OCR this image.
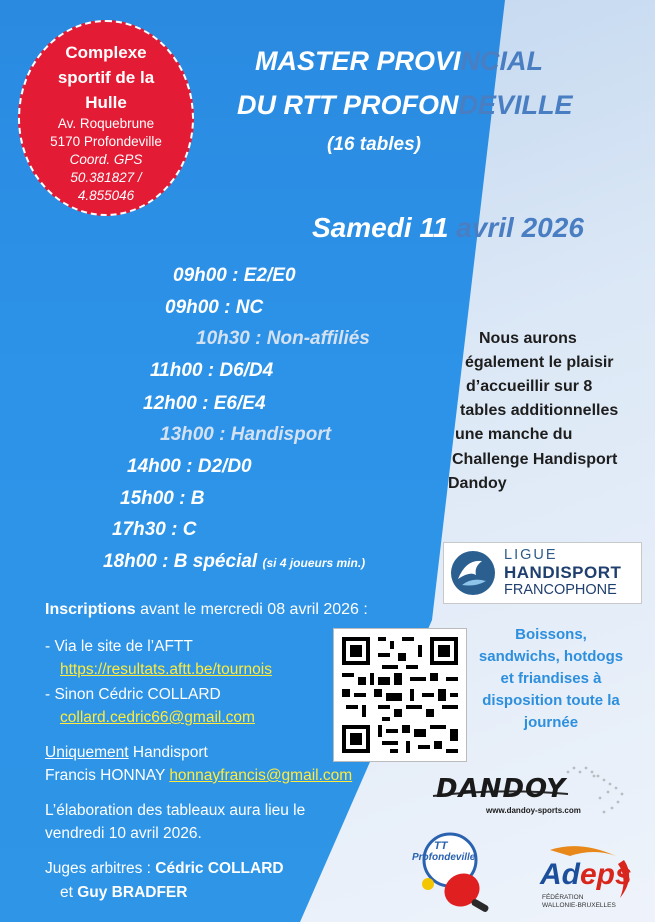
Complexe
sportif de la
Hulle
Av. Roquebrune
5170 Profondeville
Coord. GPS
50.381827 /
4.855046
MASTER PROVINCIAL
DU RTT PROFONDEVILLE
(16 tables)
Samedi 11 avril 2026
09h00 : E2/E0
09h00 : NC
10h30 : Non-affiliés
11h00 : D6/D4
12h00 : E6/E4
13h00 : Handisport
14h00 : D2/D0
15h00 : B
17h30 : C
18h00 : B spécial (si 4 joueurs min.)
Nous aurons
également le plaisir
d’accueillir sur 8
tables additionnelles
une manche du
Challenge Handisport
Dandoy
LIGUE
HANDISPORT
FRANCOPHONE
Boissons,
sandwichs, hotdogs
et friandises à
disposition toute la
journée
Inscriptions avant le mercredi 08 avril 2026 :
- Via le site de l’AFTT
https://resultats.aftt.be/tournois
- Sinon Cédric COLLARD
collard.cedric66@gmail.com
Uniquement Handisport
Francis HONNAY honnayfrancis@gmail.com
L’élaboration des tableaux aura lieu le
vendredi 10 avril 2026.
Juges arbitres : Cédric COLLARD
et Guy BRADFER
DANDOY
www.dandoy-sports.com
TT
Profondeville
Adeps
FÉDÉRATION
WALLONIE-BRUXELLES
